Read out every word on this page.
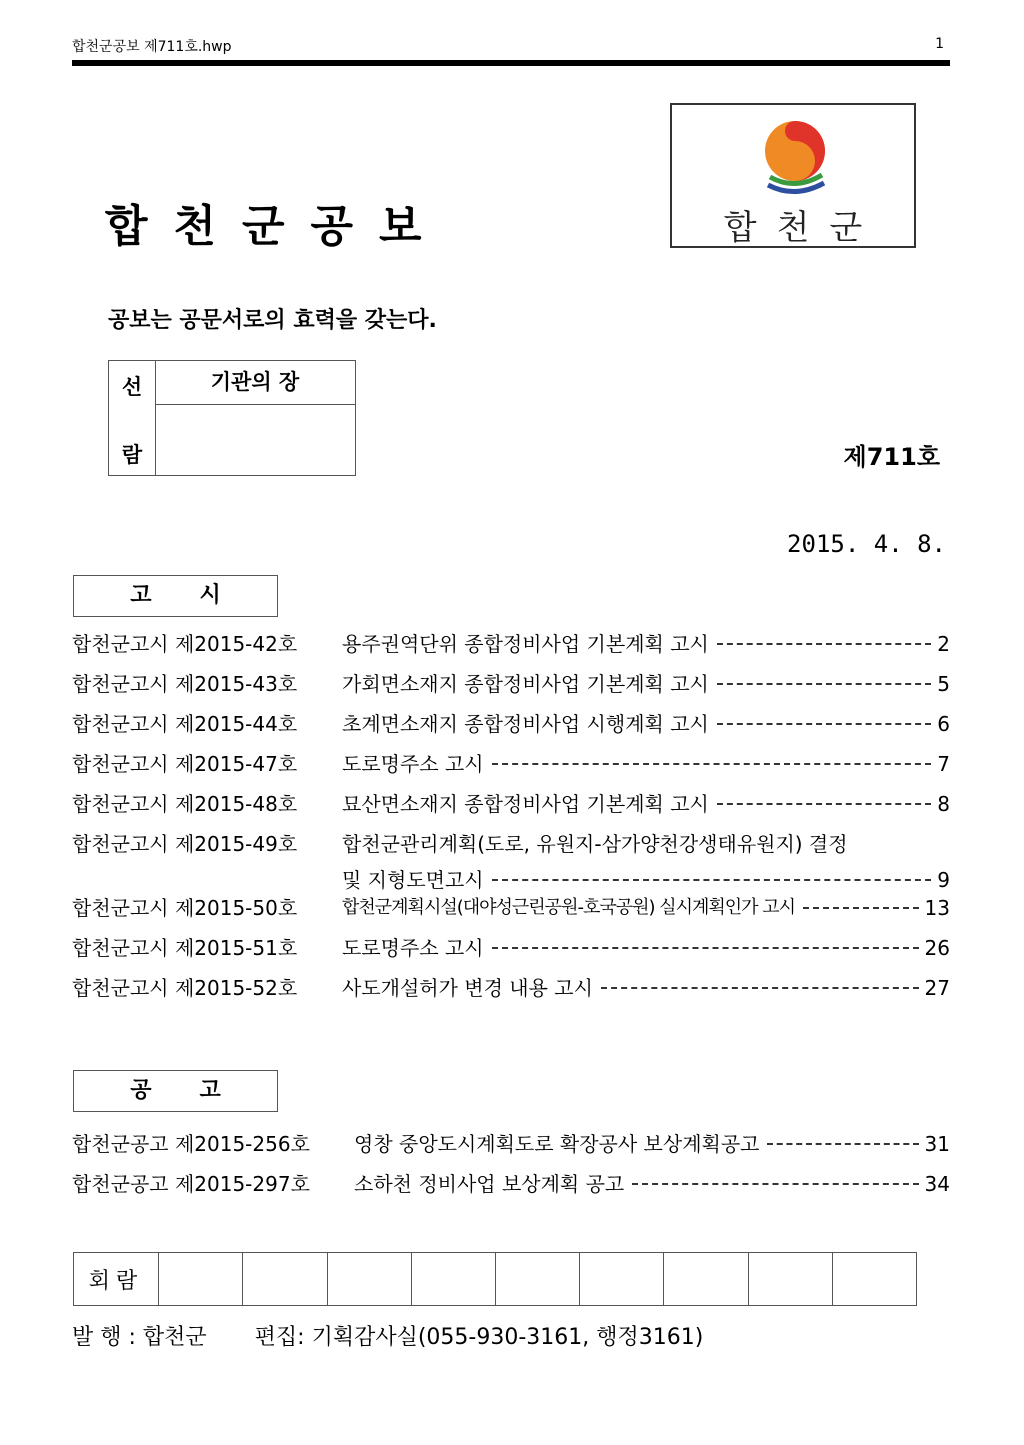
합천군공보 제711호.hwp	1
합천군공보	합천군
공보는 공문서로의 효력을 갖는다.
선
람
기관의 장
제711호
2015. 4. 8.
고시
합천군고시 제2015-42호	용주권역단위 종합정비사업 기본계획 고시	2
합천군고시 제2015-43호	가회면소재지 종합정비사업 기본계획 고시	5
합천군고시 제2015-44호	초계면소재지 종합정비사업 시행계획 고시	6
합천군고시 제2015-47호	도로명주소 고시	7
합천군고시 제2015-48호	묘산면소재지 종합정비사업 기본계획 고시	8
합천군고시 제2015-49호	합천군관리계획(도로, 유원지-삼가양천강생태유원지) 결정
및 지형도면고시	9
합천군고시 제2015-50호	합천군계획시설(대야성근린공원-호국공원) 실시계획인가 고시	13
합천군고시 제2015-51호	도로명주소 고시	26
합천군고시 제2015-52호	사도개설허가 변경 내용 고시	27
공고
합천군공고 제2015-256호	영창 중앙도시계획도로 확장공사 보상계획공고	31
합천군공고 제2015-297호	소하천 정비사업 보상계획 공고	34
회람									
발 행 : 합천군 편집: 기획감사실(055-930-3161, 행정3161)
